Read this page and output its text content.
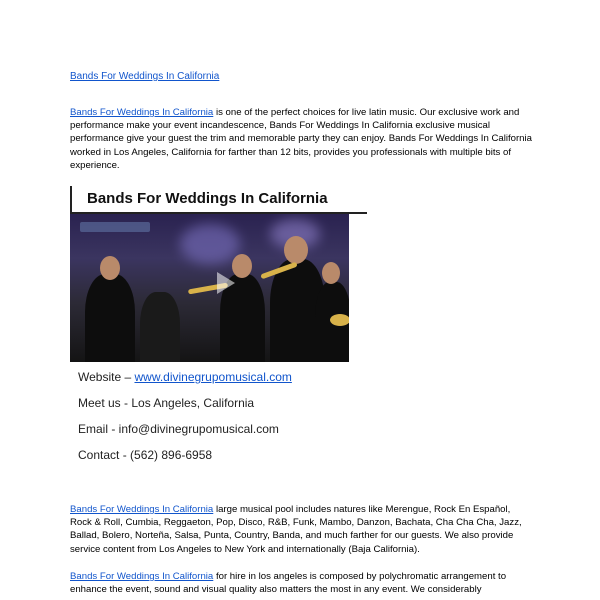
Bands For Weddings In California

Bands For Weddings In California is one of the perfect choices for live latin music. Our exclusive work and performance make your event incandescence, Bands For Weddings In California exclusive musical performance give your guest the trim and memorable party they can enjoy. Bands For Weddings In California worked in Los Angeles, California for farther than 12 bits, provides you professionals with multiple bits of experience.

Bands For Weddings In California
Website – www.divinegrupomusical.com
Meet us - Los Angeles, California
Email - info@divinegrupomusical.com
Contact - (562) 896-6958

Bands For Weddings In California large musical pool includes natures like Merengue, Rock En Español, Rock & Roll, Cumbia, Reggaeton, Pop, Disco, R&B, Funk, Mambo, Danzon, Bachata, Cha Cha Cha, Jazz, Ballad, Bolero, Norteña, Salsa, Punta, Country, Banda, and much farther for our guests. We also provide service content from Los Angeles to New York and internationally (Baja California).

Bands For Weddings In California for hire in los angeles is composed by polychromatic arrangement to enhance the event, sound and visual quality also matters the most in any event. We considerably
